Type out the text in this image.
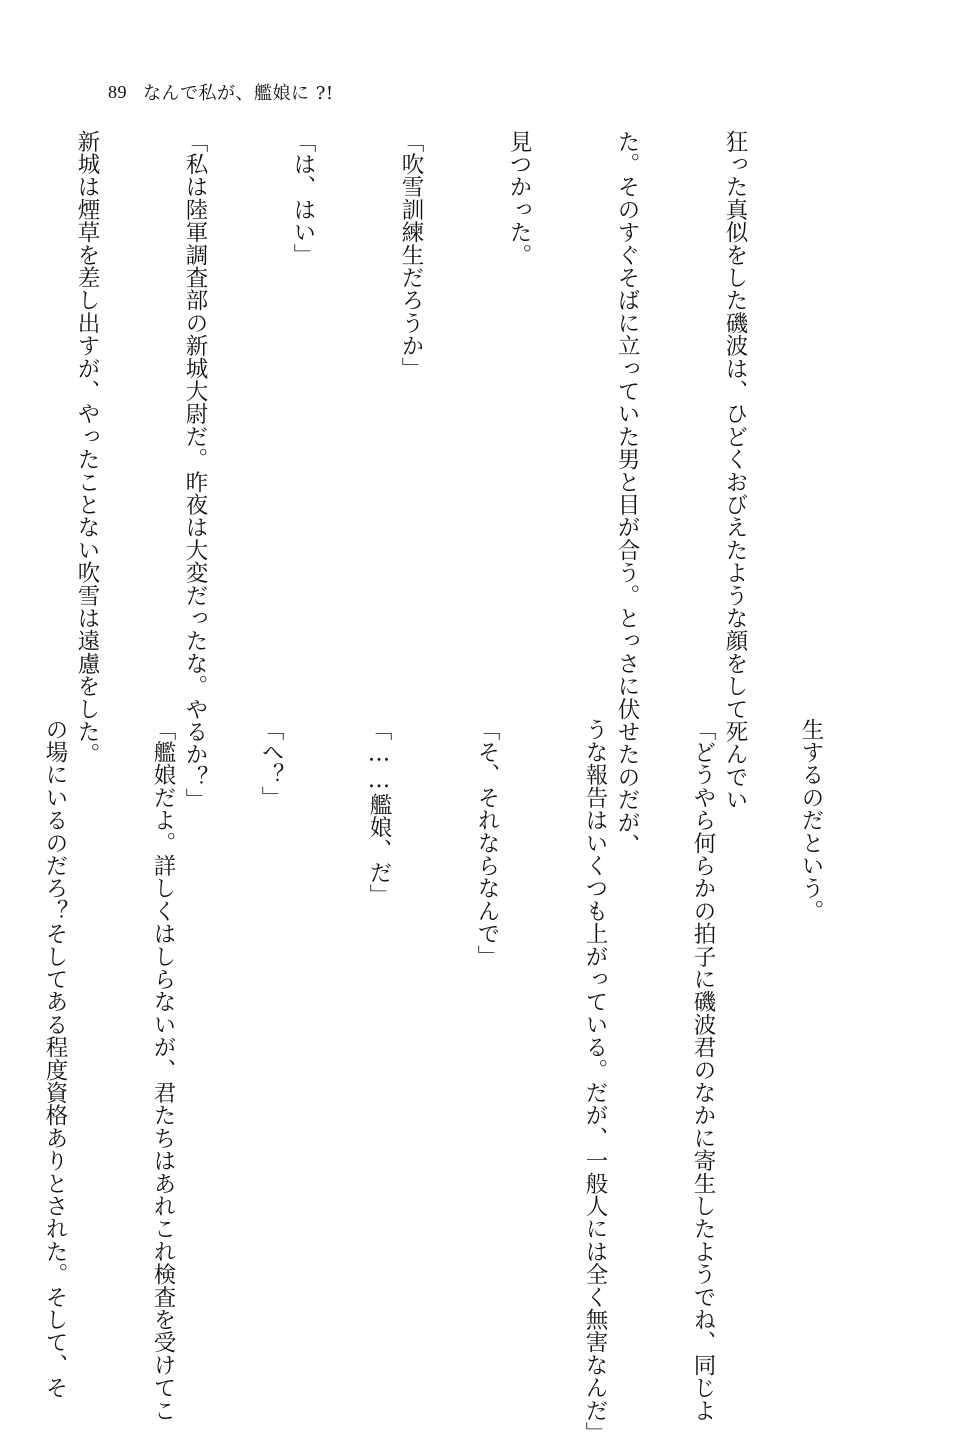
89 なんで私が、艦娘に ?!

狂った真似をした磯波は、ひどくおびえたような顔をして死んでい

た。そのすぐそばに立っていた男と目が合う。とっさに伏せたのだが、

見つかった。

「吹雪訓練生だろうか」

「は、はい」

「私は陸軍調査部の新城大尉だ。昨夜は大変だったな。やるか？」

新城は煙草を差し出すが、やったことない吹雪は遠慮をした。

生するのだという。

「どうやら何らかの拍子に磯波君のなかに寄生したようでね、同じよ

うな報告はいくつも上がっている。だが、一般人には全く無害なんだ」

「そ、それならなんで」

「……艦娘、だ」

「へ？」

「艦娘だよ。詳しくはしらないが、君たちはあれこれ検査を受けてこ

の場にいるのだろ？そしてある程度資格ありとされた。そして、そ
